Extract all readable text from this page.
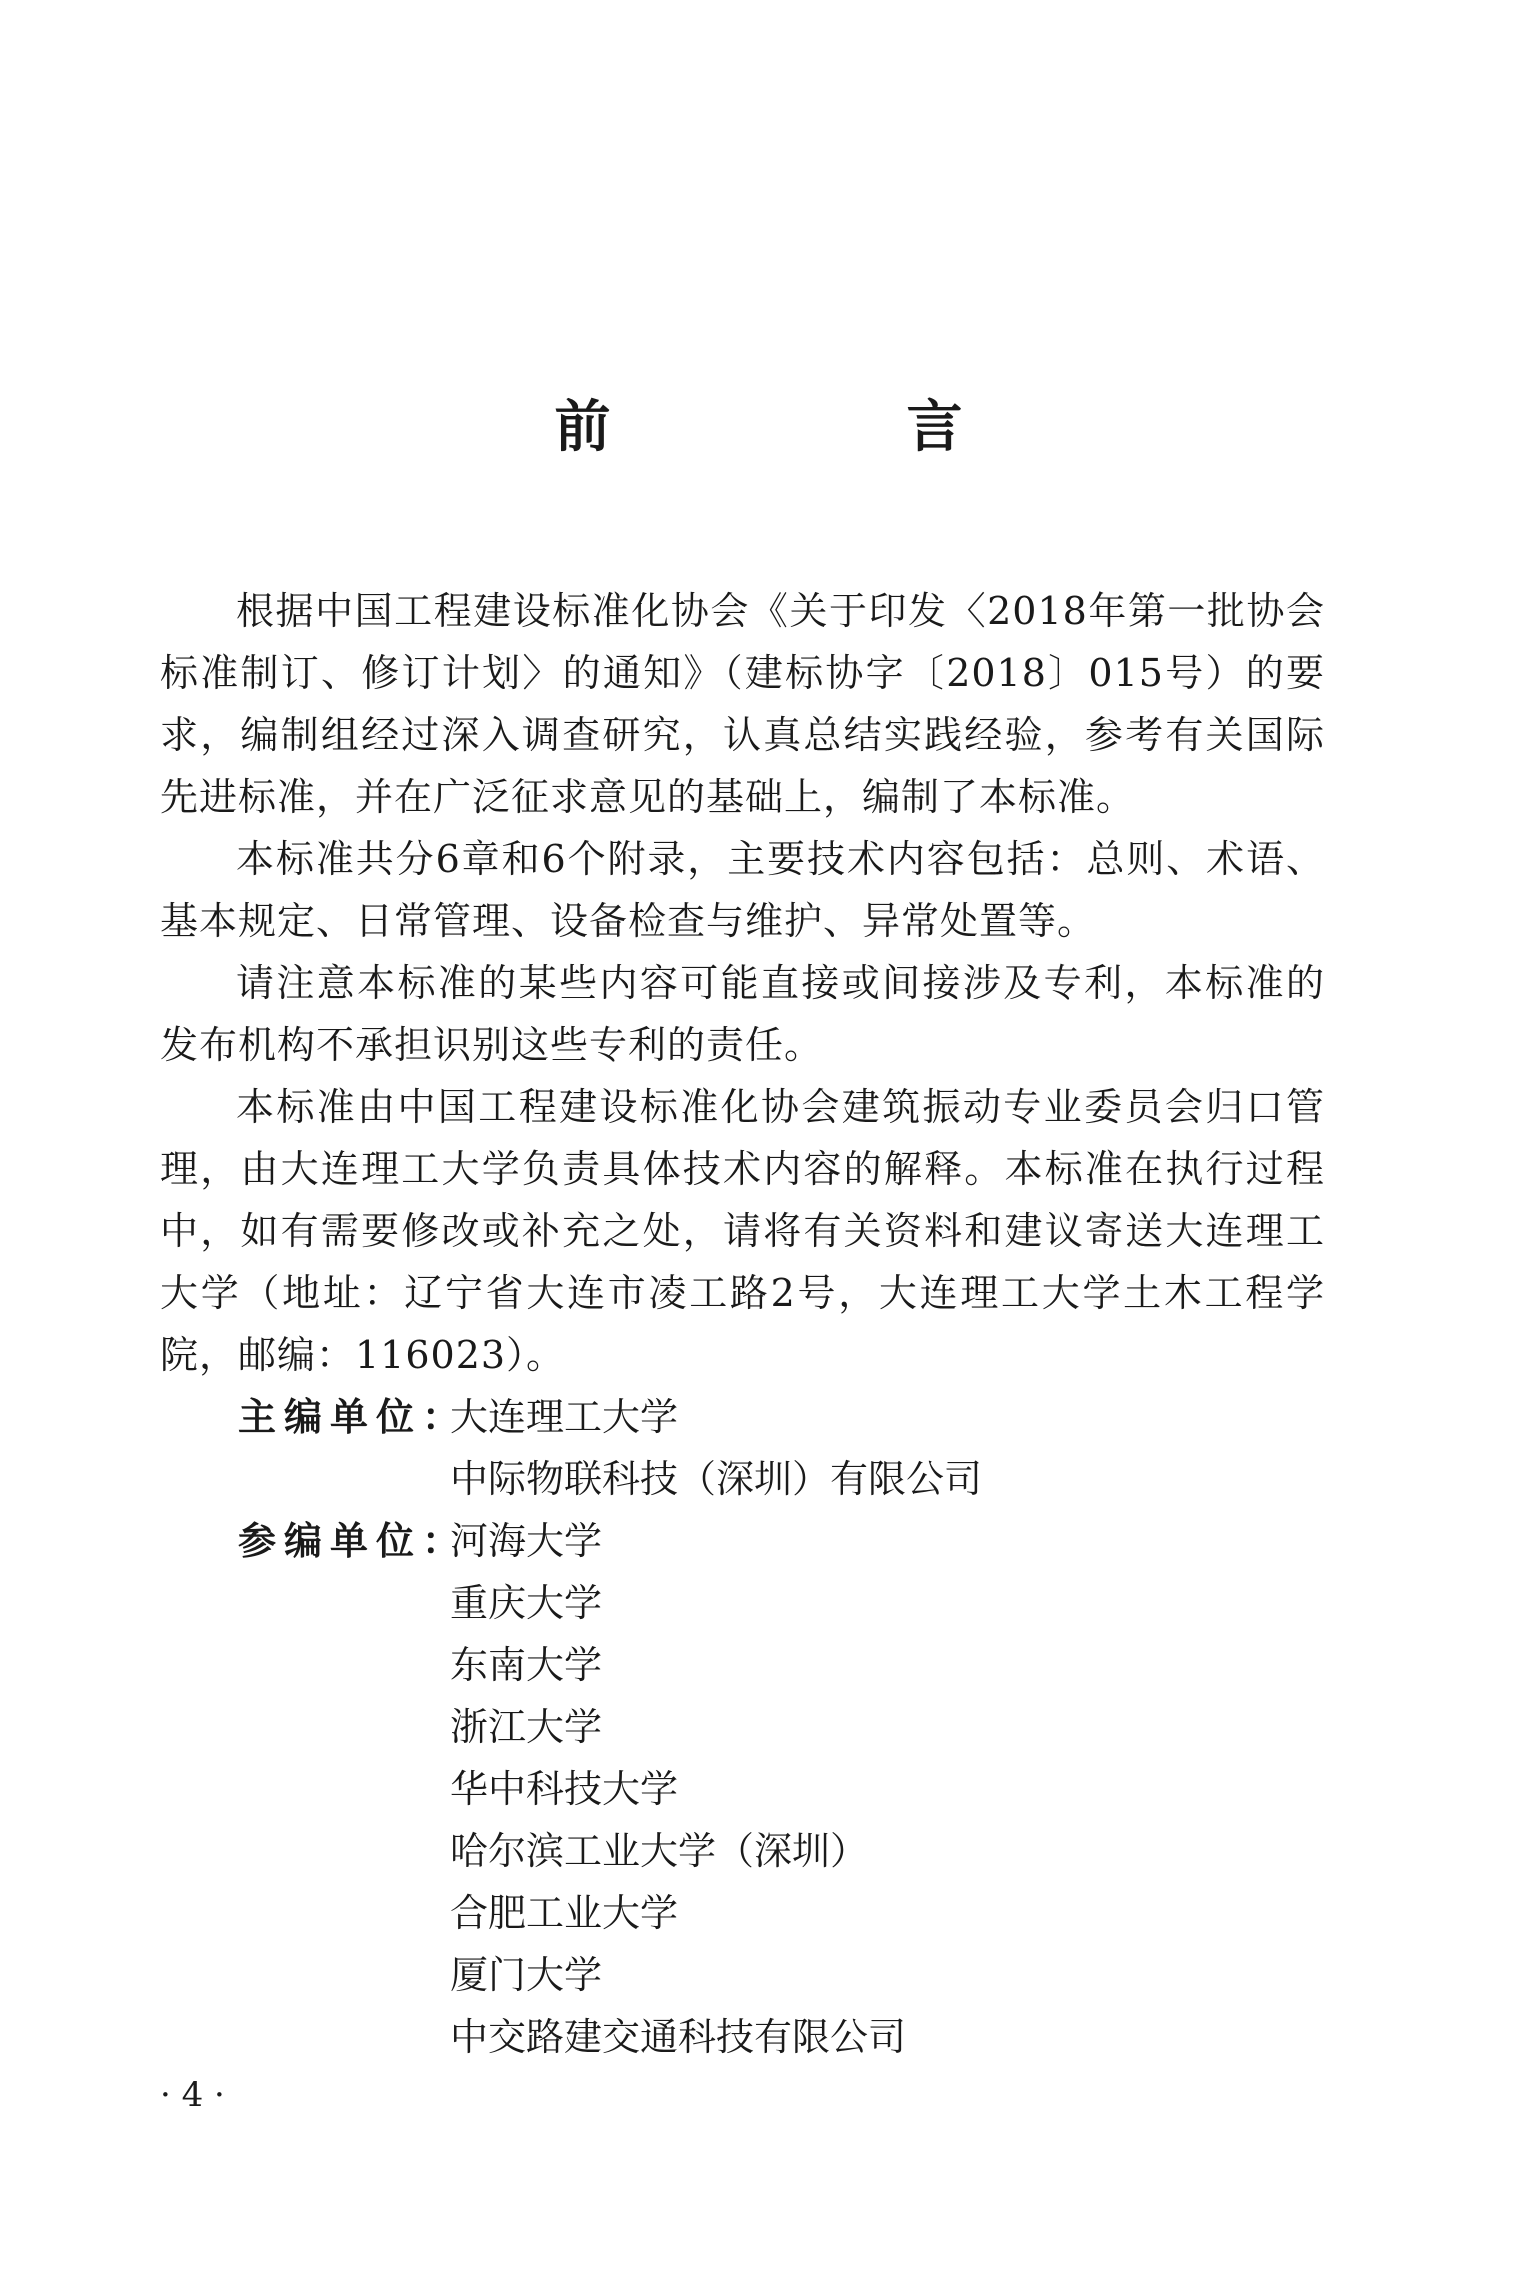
前　言

根据中国工程建设标准化协会《关于印发〈2018年第一批协会标准制订、修订计划〉的通知》（建标协字〔2018〕015号）的要求，编制组经过深入调查研究，认真总结实践经验，参考有关国际先进标准，并在广泛征求意见的基础上，编制了本标准。

本标准共分6章和6个附录，主要技术内容包括：总则、术语、基本规定、日常管理、设备检查与维护、异常处置等。

请注意本标准的某些内容可能直接或间接涉及专利，本标准的发布机构不承担识别这些专利的责任。

本标准由中国工程建设标准化协会建筑振动专业委员会归口管理，由大连理工大学负责具体技术内容的解释。本标准在执行过程中，如有需要修改或补充之处，请将有关资料和建议寄送大连理工大学（地址：辽宁省大连市凌工路2号，大连理工大学土木工程学院，邮编：116023）。

主编单位：
大连理工大学
中际物联科技（深圳）有限公司
参编单位：
河海大学
重庆大学
东南大学
浙江大学
华中科技大学
哈尔滨工业大学（深圳）
合肥工业大学
厦门大学
中交路建交通科技有限公司
· 4 ·
